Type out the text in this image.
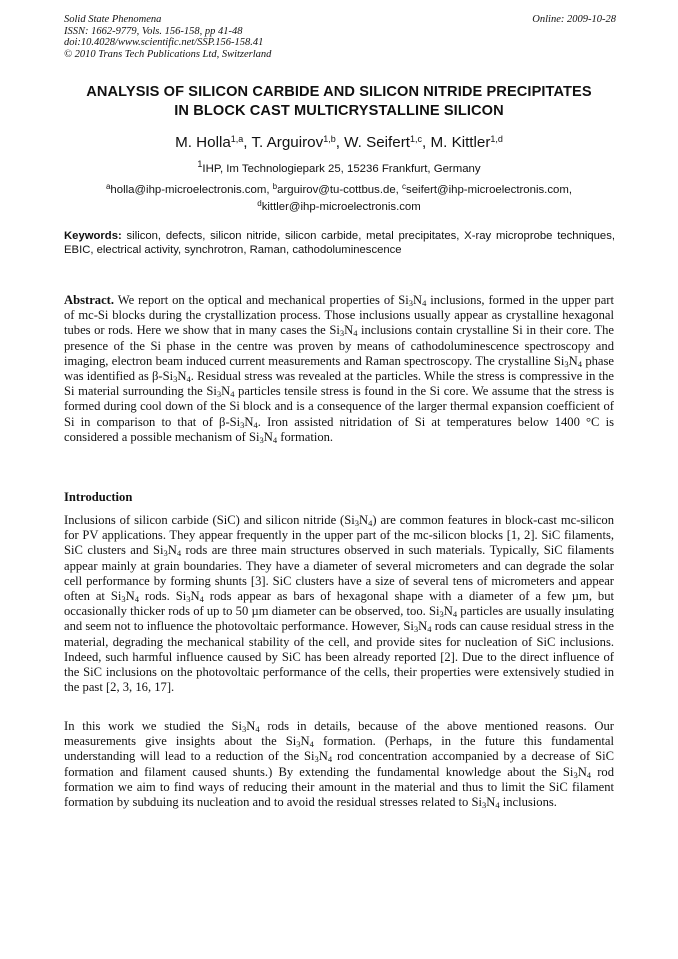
Solid State Phenomena
ISSN: 1662-9779, Vols. 156-158, pp 41-48
doi:10.4028/www.scientific.net/SSP.156-158.41
© 2010 Trans Tech Publications Ltd, Switzerland
Online: 2009-10-28
ANALYSIS OF SILICON CARBIDE AND SILICON NITRIDE PRECIPITATES
IN BLOCK CAST MULTICRYSTALLINE SILICON
M. Holla$^{1,a}$, T. Arguirov$^{1,b}$, W. Seifert$^{1,c}$, M. Kittler$^{1,d}$
$^1$IHP, Im Technologiepark 25, 15236 Frankfurt, Germany
$^a$holla@ihp-microelectronis.com, $^b$arguirov@tu-cottbus.de, $^c$seifert@ihp-microelectronis.com,
$^d$kittler@ihp-microelectronis.com
Keywords: silicon, defects, silicon nitride, silicon carbide, metal precipitates, X-ray microprobe techniques, EBIC, electrical activity, synchrotron, Raman, cathodoluminescence

Abstract. We report on the optical and mechanical properties of $Si_3N_4$ inclusions, formed in the upper part of mc-Si blocks during the crystallization process. Those inclusions usually appear as crystalline hexagonal tubes or rods. Here we show that in many cases the $Si_3N_4$ inclusions contain crystalline Si in their core. The presence of the Si phase in the centre was proven by means of cathodoluminescence spectroscopy and imaging, electron beam induced current measurements and Raman spectroscopy. The crystalline $Si_3N_4$ phase was identified as $\beta-Si_3N_4$. Residual stress was revealed at the particles. While the stress is compressive in the Si material surrounding the $Si_3N_4$ particles tensile stress is found in the Si core. We assume that the stress is formed during cool down of the Si block and is a consequence of the larger thermal expansion coefficient of Si in comparison to that of $\beta-Si_3N_4$. Iron assisted nitridation of Si at temperatures below 1400 °C is considered a possible mechanism of $Si_3N_4$ formation.

Introduction

Inclusions of silicon carbide (SiC) and silicon nitride $(Si_3N_4)$ are common features in block-cast mc-silicon for PV applications. They appear frequently in the upper part of the mc-silicon blocks [1, 2]. SiC filaments, SiC clusters and $Si_3N_4$ rods are three main structures observed in such materials. Typically, SiC filaments appear mainly at grain boundaries. They have a diameter of several micrometers and can degrade the solar cell performance by forming shunts [3]. SiC clusters have a size of several tens of micrometers and appear often at $Si_3N_4$ rods. $Si_3N_4$ rods appear as bars of hexagonal shape with a diameter of a few µm, but occasionally thicker rods of up to 50 µm diameter can be observed, too. $Si_3N_4$ particles are usually insulating and seem not to influence the photovoltaic performance. However, $Si_3N_4$ rods can cause residual stress in the material, degrading the mechanical stability of the cell, and provide sites for nucleation of SiC inclusions. Indeed, such harmful influence caused by SiC has been already reported [2]. Due to the direct influence of the SiC inclusions on the photovoltaic performance of the cells, their properties were extensively studied in the past [2, 3, 16, 17].

In this work we studied the $Si_3N_4$ rods in details, because of the above mentioned reasons. Our measurements give insights about the $Si_3N_4$ formation. (Perhaps, in the future this fundamental understanding will lead to a reduction of the $Si_3N_4$ rod concentration accompanied by a decrease of SiC formation and filament caused shunts.) By extending the fundamental knowledge about the $Si_3N_4$ rod formation we aim to find ways of reducing their amount in the material and thus to limit the SiC filament formation by subduing its nucleation and to avoid the residual stresses related to $Si_3N_4$ inclusions.
